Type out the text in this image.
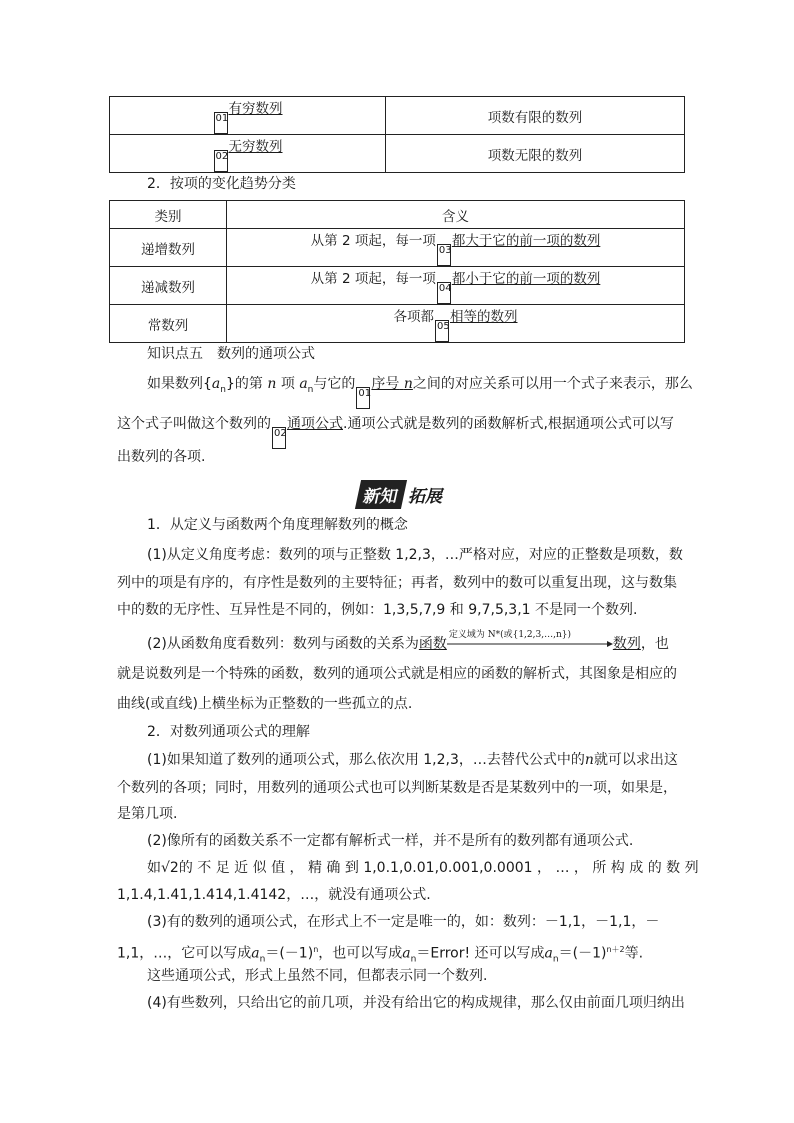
01有穷数列	项数有限的数列
02无穷数列	项数无限的数列
2．按项的变化趋势分类
类别	含义
递增数列	从第 2 项起，每一项03都大于它的前一项的数列
递减数列	从第 2 项起，每一项04都小于它的前一项的数列
常数列	各项都05相等的数列
知识点五　数列的通项公式
如果数列$\{a_n\}$的第 n 项 $a_n$与它的01序号 n之间的对应关系可以用一个式子来表示，那么
这个式子叫做这个数列的02通项公式.通项公式就是数列的函数解析式,根据通项公式可以写
出数列的各项.
新知 拓展
1．从定义与函数两个角度理解数列的概念
(1)从定义角度考虑：数列的项与正整数 1,2,3，…严格对应，对应的正整数是项数，数
列中的项是有序的，有序性是数列的主要特征；再者，数列中的数可以重复出现，这与数集
中的数的无序性、互异性是不同的，例如：1,3,5,7,9 和 9,7,5,3,1 不是同一个数列.
(2)从函数角度看数列：数列与函数的关系为函数
定义域为 N*(或{1,2,3,…,n})
数列，也
就是说数列是一个特殊的函数，数列的通项公式就是相应的函数的解析式，其图象是相应的
曲线(或直线)上横坐标为正整数的一些孤立的点.
2．对数列通项公式的理解
(1)如果知道了数列的通项公式，那么依次用 1,2,3，…去替代公式中的n就可以求出这
个数列的各项；同时，用数列的通项公式也可以判断某数是否是某数列中的一项，如果是，
是第几项.
(2)像所有的函数关系不一定都有解析式一样，并不是所有的数列都有通项公式.
如√2的 不 足 近 似 值 ， 精 确 到 1,0.1,0.01,0.001,0.0001 ， … ， 所 构 成 的 数 列
1,1.4,1.41,1.414,1.4142，…，就没有通项公式.
(3)有的数列的通项公式，在形式上不一定是唯一的，如：数列：－1,1，－1,1，－
1,1，…，它可以写成$a_n=(-1)^n$，也可以写成$a_n=Error$! 还可以写成$a_n=(-1)^{n+2}$等.
这些通项公式，形式上虽然不同，但都表示同一个数列.
(4)有些数列，只给出它的前几项，并没有给出它的构成规律，那么仅由前面几项归纳出
